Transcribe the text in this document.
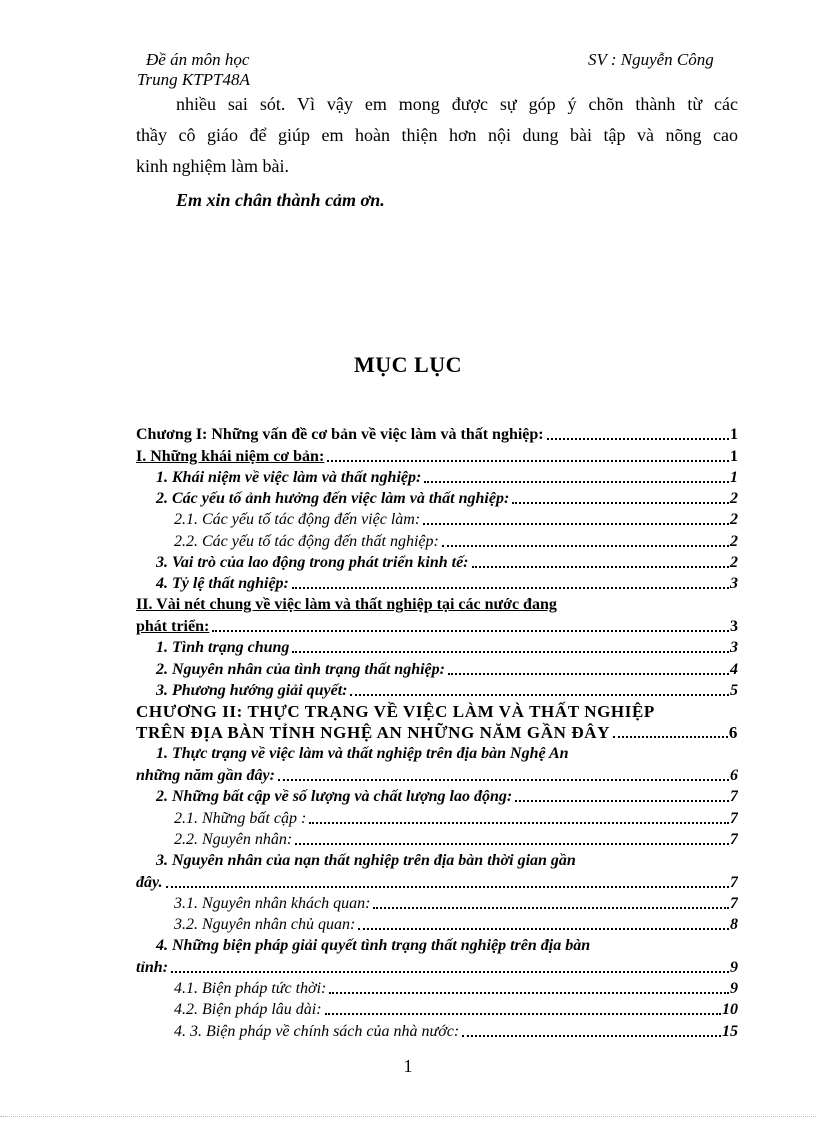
Đề án môn học	SV : Nguyễn Công
Trung KTPT48A
nhiều sai sót. Vì vậy em mong được sự góp ý chõn thành từ các
thầy cô giáo để giúp em hoàn thiện hơn nội dung bài tập và nõng cao
kinh nghiệm làm bài.
Em xin chân thành cảm ơn.
MỤC LỤC
Chương I: Những vấn đề cơ bản về việc làm và thất nghiệp:	1
I. Những khái niệm cơ bản:	1
1. Khái niệm về việc làm và thất nghiệp:	1
2. Các yếu tố ảnh hưởng đến việc làm và thất nghiệp:	2
2.1. Các yếu tố tác động đến việc làm:	2
2.2. Các yếu tố tác động đến thất nghiệp:	2
3. Vai trò của lao động trong phát triển kinh tế:	2
4. Tỷ lệ thất nghiệp:	3
II. Vài nét chung về việc làm và thất nghiệp tại các nước đang
phát triển:	3
1. Tình trạng chung	3
2. Nguyên nhân của tình trạng thất nghiệp:	4
3. Phương hướng giải quyết:	5
CHƯƠNG II: THỰC TRẠNG VỀ VIỆC LÀM VÀ THẤT NGHIỆP
TRÊN ĐỊA BÀN TỈNH NGHỆ AN NHỮNG NĂM GẦN ĐÂY	6
1. Thực trạng về việc làm và thất nghiệp trên địa bàn Nghệ An
những năm gần đây:	6
2. Những bất cập về số lượng và chất lượng lao động:	7
2.1. Những bất cập :	7
2.2. Nguyên nhân:	7
3. Nguyên nhân của nạn thất nghiệp trên địa bàn thời gian gần
đây.	7
3.1. Nguyên nhân khách quan:	7
3.2. Nguyên nhân chủ quan:	8
4. Những biện pháp giải quyết tình trạng thất nghiệp trên địa bàn
tỉnh:	9
4.1. Biện pháp tức thời:	9
4.2. Biện pháp lâu dài:	10
4. 3. Biện pháp về chính sách của nhà nước:	15
1
